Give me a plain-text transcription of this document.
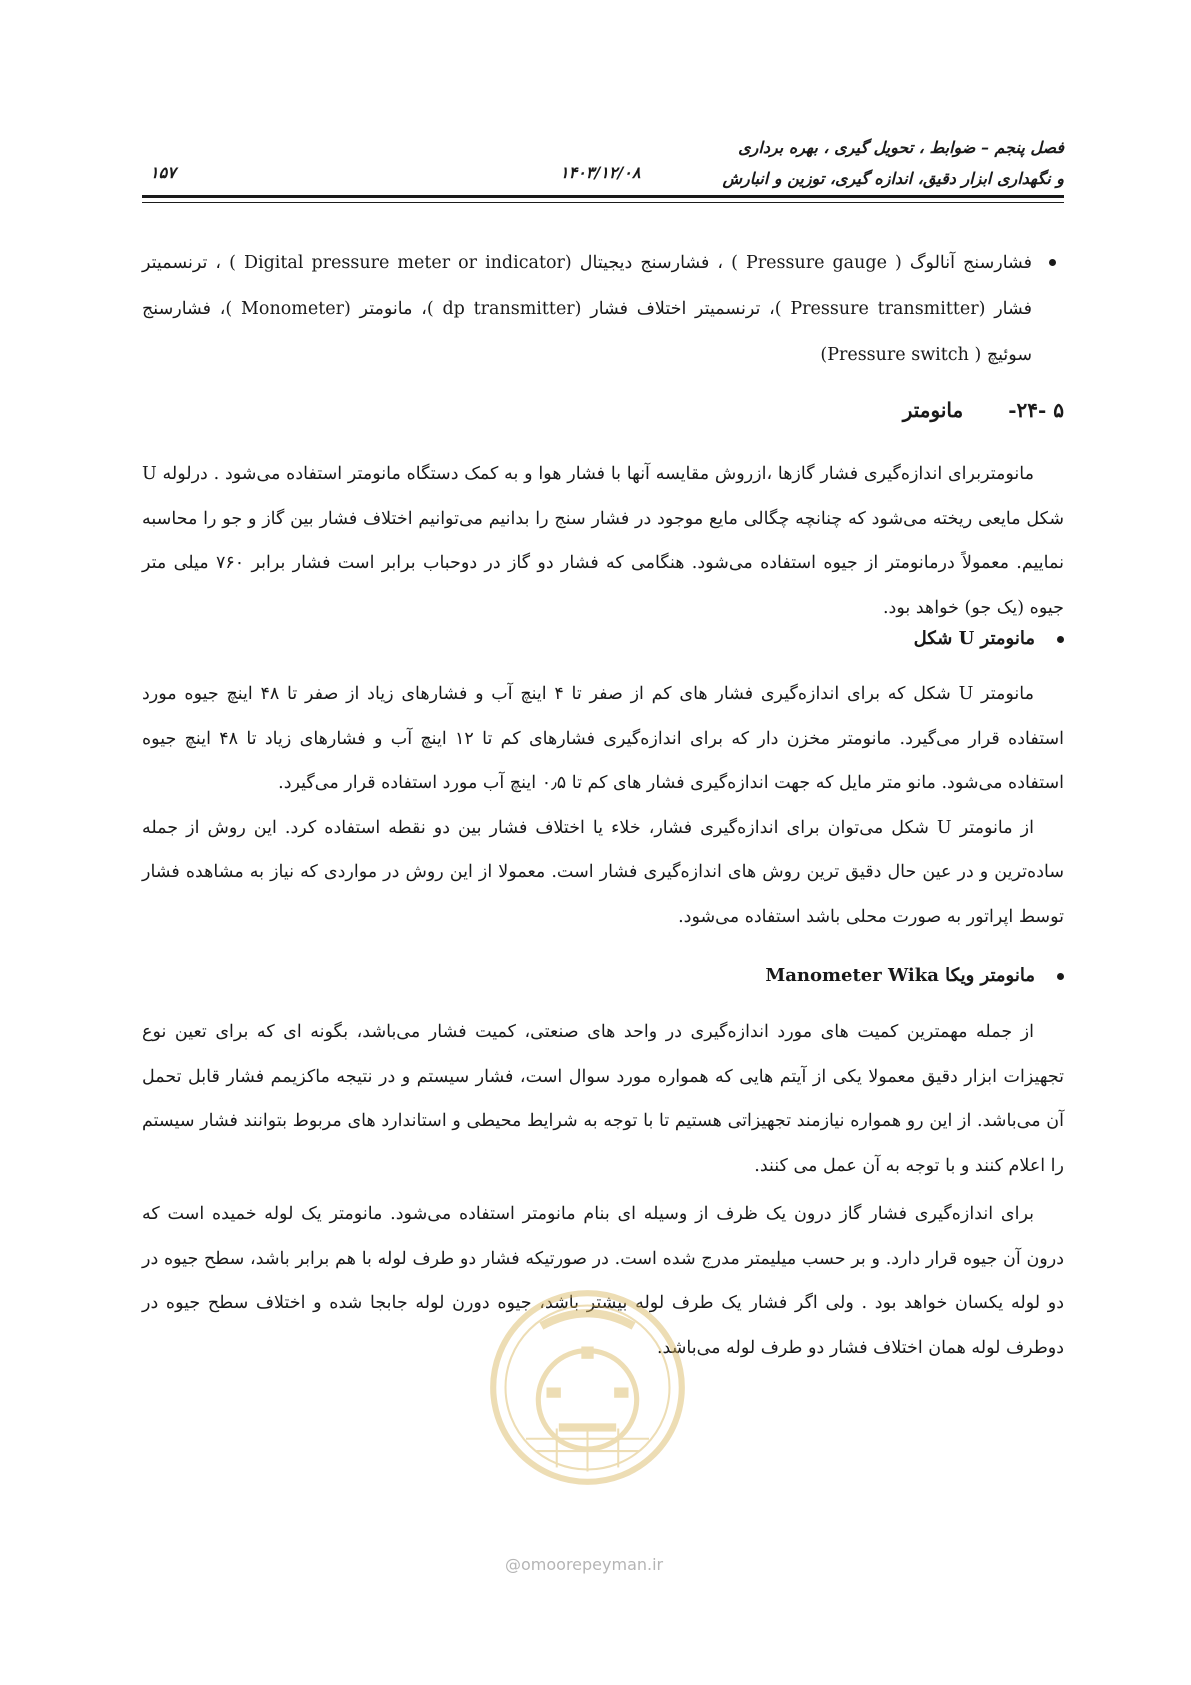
فصل پنجم – ضوابط ، تحویل گیری ، بهره برداری
و نگهداری ابزار دقیق، اندازه گیری، توزین و انبارش
۱۴۰۳/۱۲/۰۸
۱۵۷
فشارسنج آنالوگ ( Pressure gauge ) ، فشارسنج دیجیتال (Digital pressure meter or indicator ) ، ترنسمیتر فشار (Pressure transmitter )، ترنسمیتر اختلاف فشار (dp transmitter )، مانومتر (Monometer )، فشارسنج سوئیچ ( Pressure switch)
۵ -۲۴- مانومتر

مانومتربرای اندازه‌گیری فشار گازها ،ازروش مقایسه آنها با فشار هوا و به کمک دستگاه مانومتر استفاده می‌شود . درلوله U شکل مایعی ریخته می‌شود که چنانچه چگالی مایع موجود در فشار سنج را بدانیم می‌توانیم اختلاف فشار بین گاز و جو را محاسبه نماییم. معمولاً درمانومتر از جیوه استفاده می‌شود. هنگامی که فشار دو گاز در دوحباب برابر است فشار برابر ۷۶۰ میلی متر جیوه (یک جو) خواهد بود.

مانومتر U شکل

مانومتر U شکل که برای اندازه‌گیری فشار های کم از صفر تا ۴ اینچ آب و فشارهای زیاد از صفر تا ۴۸ اینچ جیوه مورد استفاده قرار می‌گیرد. مانومتر مخزن دار که برای اندازه‌گیری فشارهای کم تا ۱۲ اینچ آب و فشارهای زیاد تا ۴۸ اینچ جیوه استفاده می‌شود. مانو متر مایل که جهت اندازه‌گیری فشار های کم تا ۰٫۵ اینچ آب مورد استفاده قرار می‌گیرد.

از مانومتر U شکل می‌توان برای اندازه‌گیری فشار، خلاء یا اختلاف فشار بین دو نقطه استفاده کرد. این روش از جمله ساده‌ترین و در عین حال دقیق ترین روش های اندازه‌گیری فشار است. معمولا از این روش در مواردی که نیاز به مشاهده فشار توسط اپراتور به صورت محلی باشد استفاده می‌شود.

مانومتر ویکا Manometer Wika

از جمله مهمترین کمیت های مورد اندازه‌گیری در واحد های صنعتی، کمیت فشار می‌باشد، بگونه ای که برای تعین نوع تجهیزات ابزار دقیق معمولا یکی از آیتم هایی که همواره مورد سوال است، فشار سیستم و در نتیجه ماکزیمم فشار قابل تحمل آن می‌باشد. از این رو همواره نیازمند تجهیزاتی هستیم تا با توجه به شرایط محیطی و استاندارد های مربوط بتوانند فشار سیستم را اعلام کنند و با توجه به آن عمل می کنند.

برای اندازه‌گیری فشار گاز درون یک ظرف از وسیله ای بنام مانومتر استفاده می‌شود. مانومتر یک لوله خمیده است که درون آن جیوه قرار دارد. و بر حسب میلیمتر مدرج شده است. در صورتیکه فشار دو طرف لوله با هم برابر باشد، سطح جیوه در دو لوله یکسان خواهد بود . ولی اگر فشار یک طرف لوله بیشتر باشد، جیوه دورن لوله جابجا شده و اختلاف سطح جیوه در دوطرف لوله همان اختلاف فشار دو طرف لوله می‌باشد.

@omoorepeyman.ir
